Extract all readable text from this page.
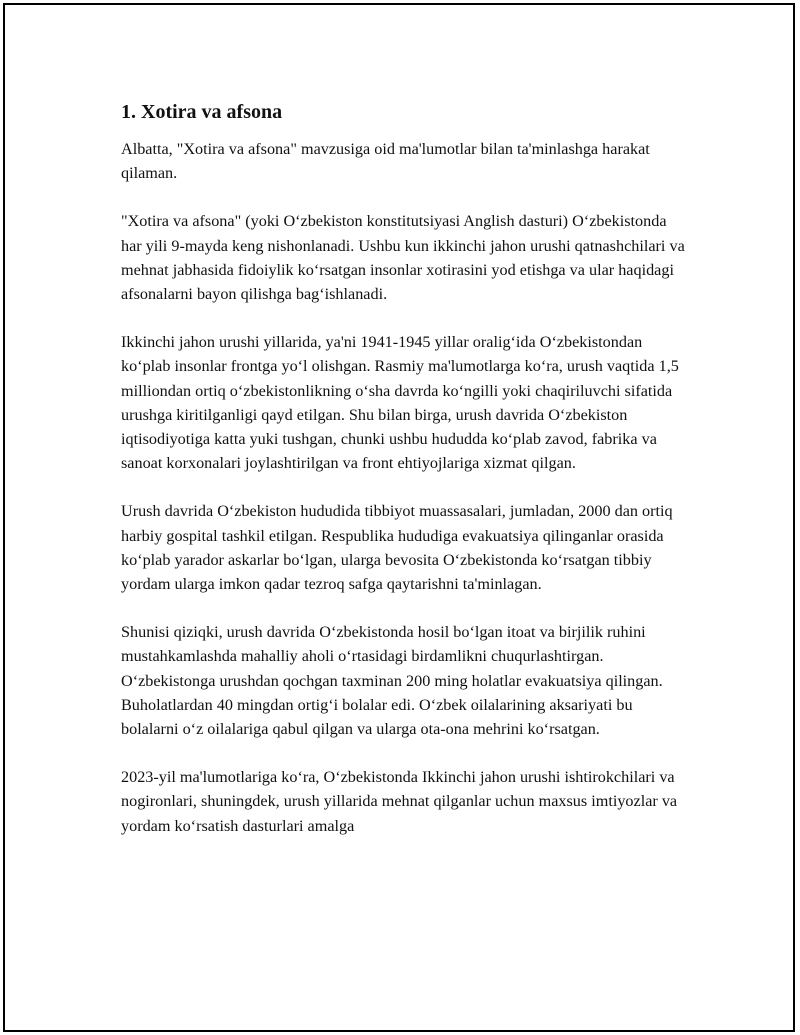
1. Xotira va afsona

Albatta, "Xotira va afsona" mavzusiga oid ma'lumotlar bilan ta'minlashga harakat qilaman.

"Xotira va afsona" (yoki O‘zbekiston konstitutsiyasi Anglish dasturi) O‘zbekistonda har yili 9-mayda keng nishonlanadi. Ushbu kun ikkinchi jahon urushi qatnashchilari va mehnat jabhasida fidoiylik ko‘rsatgan insonlar xotirasini yod etishga va ular haqidagi afsonalarni bayon qilishga bag‘ishlanadi.

Ikkinchi jahon urushi yillarida, ya'ni 1941-1945 yillar oralig‘ida O‘zbekistondan ko‘plab insonlar frontga yo‘l olishgan. Rasmiy ma'lumotlarga ko‘ra, urush vaqtida 1,5 milliondan ortiq o‘zbekistonlikning o‘sha davrda ko‘ngilli yoki chaqiriluvchi sifatida urushga kiritilganligi qayd etilgan. Shu bilan birga, urush davrida O‘zbekiston iqtisodiyotiga katta yuki tushgan, chunki ushbu hududda ko‘plab zavod, fabrika va sanoat korxonalari joylashtirilgan va front ehtiyojlariga xizmat qilgan.

Urush davrida O‘zbekiston hududida tibbiyot muassasalari, jumladan, 2000 dan ortiq harbiy gospital tashkil etilgan. Respublika hududiga evakuatsiya qilinganlar orasida ko‘plab yarador askarlar bo‘lgan, ularga bevosita O‘zbekistonda ko‘rsatgan tibbiy yordam ularga imkon qadar tezroq safga qaytarishni ta'minlagan.

Shunisi qiziqki, urush davrida O‘zbekistonda hosil bo‘lgan itoat va birjilik ruhini mustahkamlashda mahalliy aholi o‘rtasidagi birdamlikni chuqurlashtirgan. O‘zbekistonga urushdan qochgan taxminan 200 ming holatlar evakuatsiya qilingan. Buholatlardan 40 mingdan ortig‘i bolalar edi. O‘zbek oilalarining aksariyati bu bolalarni o‘z oilalariga qabul qilgan va ularga ota-ona mehrini ko‘rsatgan.

2023-yil ma'lumotlariga ko‘ra, O‘zbekistonda Ikkinchi jahon urushi ishtirokchilari va nogironlari, shuningdek, urush yillarida mehnat qilganlar uchun maxsus imtiyozlar va yordam ko‘rsatish dasturlari amalga
